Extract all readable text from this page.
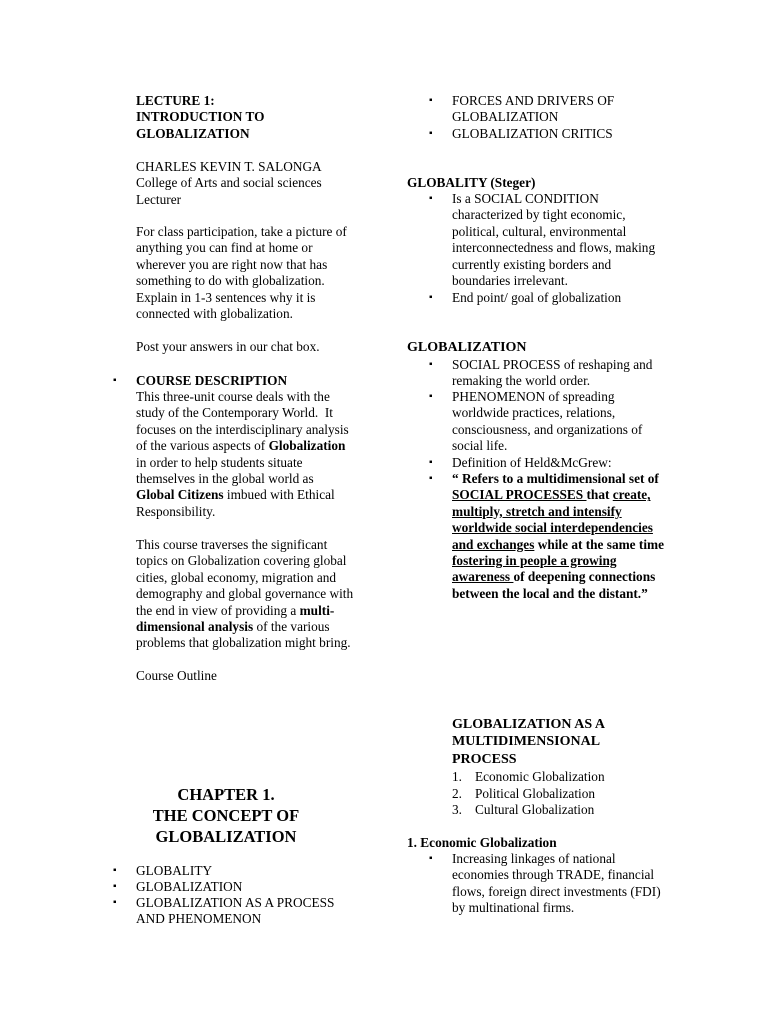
LECTURE 1:
INTRODUCTION TO
GLOBALIZATION
CHARLES KEVIN T. SALONGA
College of Arts and social sciences
Lecturer
For class participation, take a picture of
anything you can find at home or
wherever you are right now that has
something to do with globalization.
Explain in 1-3 sentences why it is
connected with globalization.
Post your answers in our chat box.
▪ COURSE DESCRIPTION
This three-unit course deals with the
study of the Contemporary World.  It
focuses on the interdisciplinary analysis
of the various aspects of Globalization
in order to help students situate
themselves in the global world as
Global Citizens imbued with Ethical
Responsibility.
This course traverses the significant
topics on Globalization covering global
cities, global economy, migration and
demography and global governance with
the end in view of providing a multi-
dimensional analysis of the various
problems that globalization might bring.
Course Outline
CHAPTER 1.
THE CONCEPT OF
GLOBALIZATION
▪ GLOBALITY
▪ GLOBALIZATION
▪ GLOBALIZATION AS A PROCESS
AND PHENOMENON
▪ FORCES AND DRIVERS OF
GLOBALIZATION
▪ GLOBALIZATION CRITICS
GLOBALITY (Steger)
▪ Is a SOCIAL CONDITION
characterized by tight economic,
political, cultural, environmental
interconnectedness and flows, making
currently existing borders and
boundaries irrelevant.
▪ End point/ goal of globalization
GLOBALIZATION
▪ SOCIAL PROCESS of reshaping and
remaking the world order.
▪ PHENOMENON of spreading
worldwide practices, relations,
consciousness, and organizations of
social life.
▪ Definition of Held&McGrew:
▪ “ Refers to a multidimensional set of
SOCIAL PROCESSES that create,
multiply, stretch and intensify
worldwide social interdependencies
and exchanges while at the same time
fostering in people a growing
awareness of deepening connections
between the local and the distant.”
GLOBALIZATION AS A
MULTIDIMENSIONAL
PROCESS
1. Economic Globalization
2. Political Globalization
3. Cultural Globalization
1. Economic Globalization
▪ Increasing linkages of national
economies through TRADE, financial
flows, foreign direct investments (FDI)
by multinational firms.
